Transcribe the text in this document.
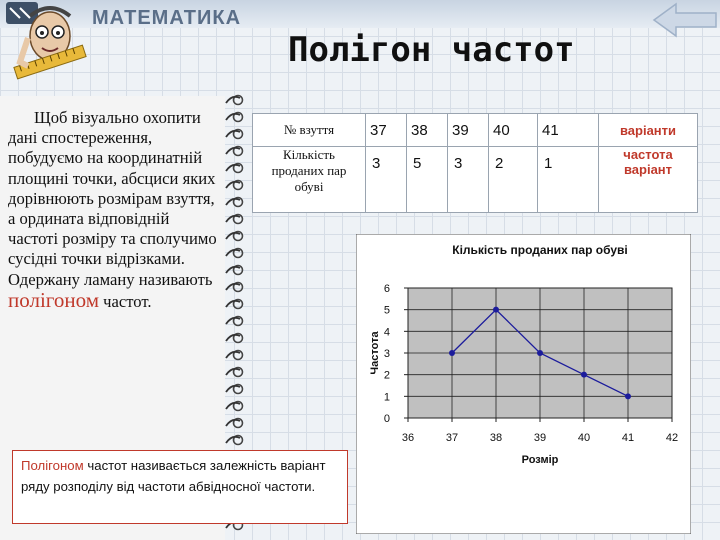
МАТЕМАТИКА
Полігон частот
Щоб візуально охопити дані спостереження, побудуємо на координатній площині точки, абсциси яких дорівнюють розмірам взуття, а ордината відповідній частоті розміру та сполучимо сусідні точки відрізками. Одержану ламану називають полігоном частот.
Полігоном частот називається залежність варіант ряду розподілу від частоти абвідносної частоти.
№ взуття	37	38	39	40	41	варіанти
Кількість проданих пар обуві	3	5	3	2	1	частота варіант
Кількість проданих пар обуві
0
1
2
3
4
5
6
36	37	38	39	40	41	42
Розмір
Частота
